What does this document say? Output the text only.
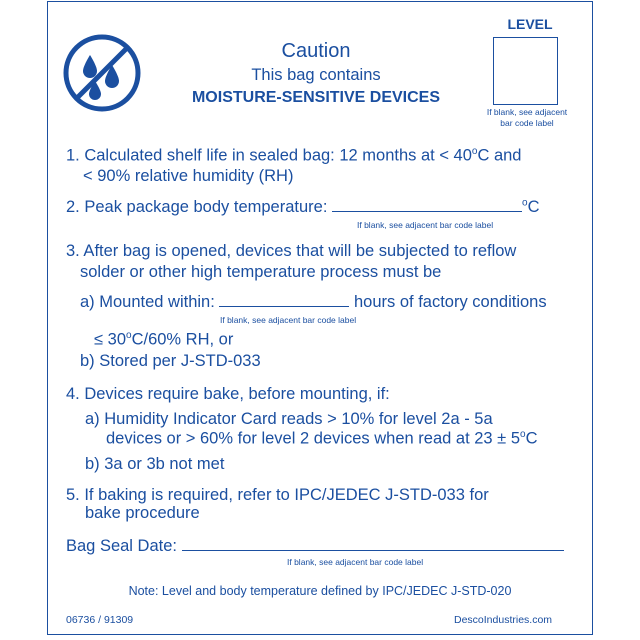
Caution
This bag contains
MOISTURE-SENSITIVE DEVICES
LEVEL
If blank, see adjacent
bar code label
1. Calculated shelf life in sealed bag: 12 months at < $40^oC$ and
< 90% relative humidity (RH)
2. Peak package body temperature:	$^o$C
If blank, see adjacent bar code label
3. After bag is opened, devices that will be subjected to reflow
solder or other high temperature process must be
a) Mounted within:	hours of factory conditions
If blank, see adjacent bar code label
≤ $30^oC/60\%$ RH, or
b) Stored per J-STD-033
4. Devices require bake, before mounting, if:
a) Humidity Indicator Card reads > 10% for level 2a - 5a
devices or > 60% for level 2 devices when read at $23 \pm 5^oC$
b) 3a or 3b not met
5. If baking is required, refer to IPC/JEDEC J-STD-033 for
bake procedure
Bag Seal Date:
If blank, see adjacent bar code label
Note: Level and body temperature defined by IPC/JEDEC J-STD-020
06736 / 91309	DescoIndustries.com
